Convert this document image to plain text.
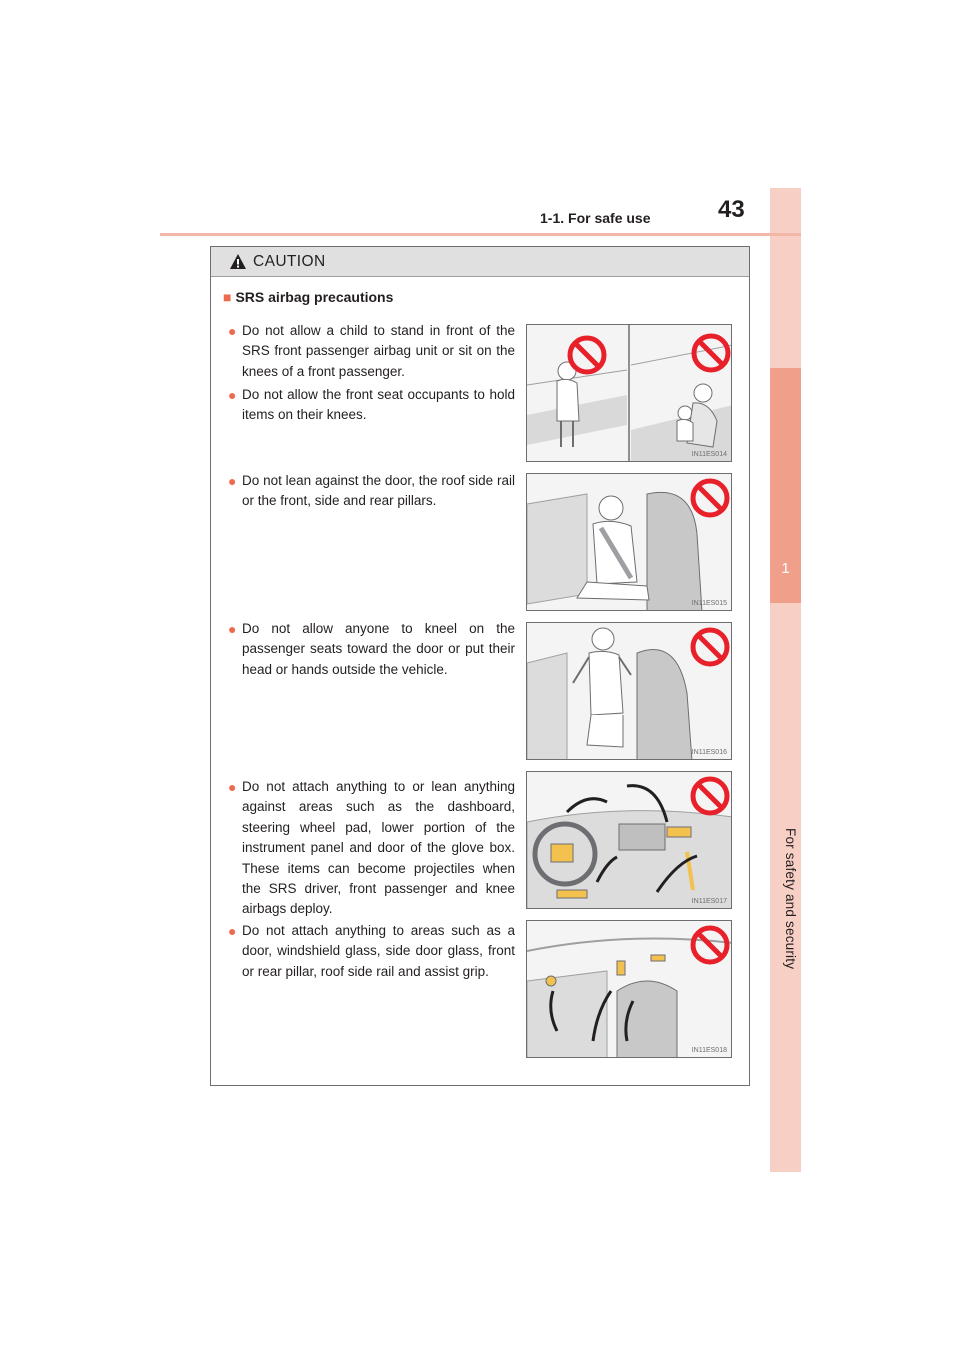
1
For safety and security
1-1. For safe use	43
CAUTION
■ SRS airbag precautions
● Do not allow a child to stand in front of the SRS front passenger airbag unit or sit on the knees of a front passenger.
● Do not allow the front seat occupants to hold items on their knees.
● Do not lean against the door, the roof side rail or the front, side and rear pillars.
● Do not allow anyone to kneel on the passenger seats toward the door or put their head or hands outside the vehicle.
● Do not attach anything to or lean anything against areas such as the dashboard, steering wheel pad, lower portion of the instrument panel and door of the glove box. These items can become projectiles when the SRS driver, front passenger and knee airbags deploy.
● Do not attach anything to areas such as a door, windshield glass, side door glass, front or rear pillar, roof side rail and assist grip.
IN11ES014
IN11ES015
IN11ES016
IN11ES017
IN11ES018
